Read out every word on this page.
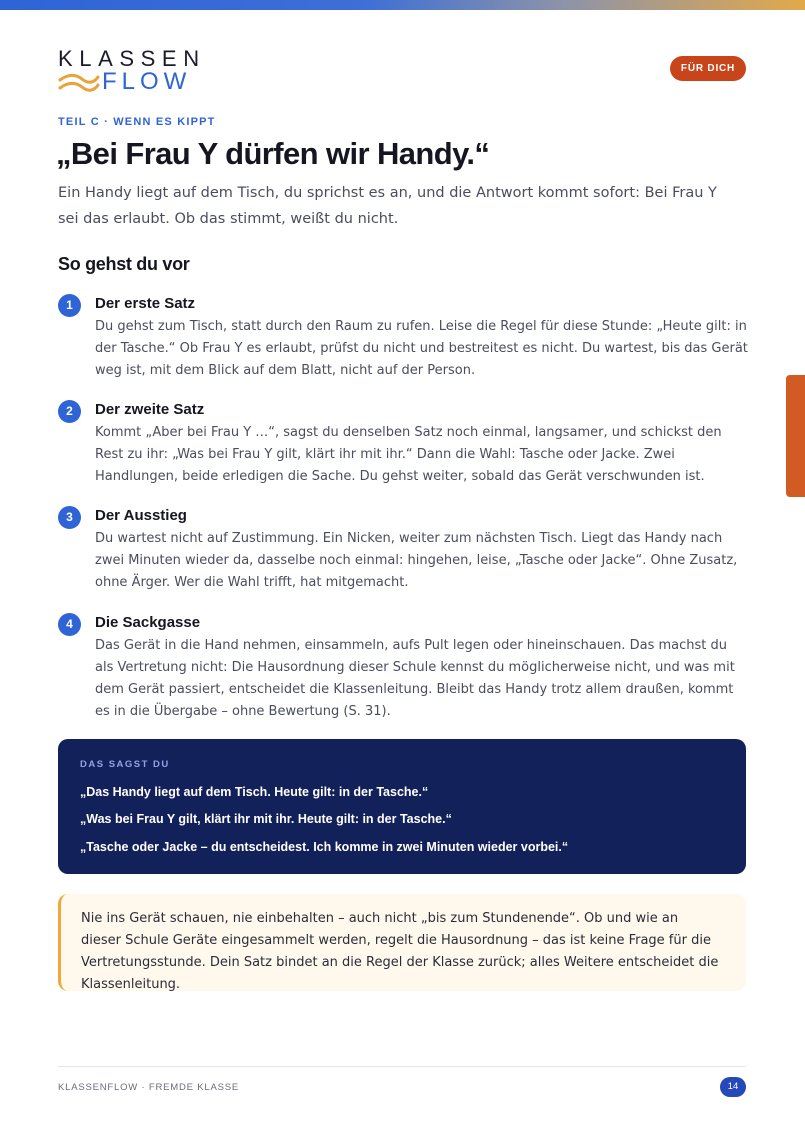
KLASSEN
FLOW	FÜR DICH
TEIL C · WENN ES KIPPT
„Bei Frau Y dürfen wir Handy.“
Ein Handy liegt auf dem Tisch, du sprichst es an, und die Antwort kommt sofort: Bei Frau Y sei das erlaubt. Ob das stimmt, weißt du nicht.
So gehst du vor
1	Der erste Satz
Du gehst zum Tisch, statt durch den Raum zu rufen. Leise die Regel für diese Stunde: „Heute gilt: in der Tasche.“ Ob Frau Y es erlaubt, prüfst du nicht und bestreitest es nicht. Du wartest, bis das Gerät weg ist, mit dem Blick auf dem Blatt, nicht auf der Person.
2	Der zweite Satz
Kommt „Aber bei Frau Y …“, sagst du denselben Satz noch einmal, langsamer, und schickst den Rest zu ihr: „Was bei Frau Y gilt, klärt ihr mit ihr.“ Dann die Wahl: Tasche oder Jacke. Zwei Handlungen, beide erledigen die Sache. Du gehst weiter, sobald das Gerät verschwunden ist.
3	Der Ausstieg
Du wartest nicht auf Zustimmung. Ein Nicken, weiter zum nächsten Tisch. Liegt das Handy nach zwei Minuten wieder da, dasselbe noch einmal: hingehen, leise, „Tasche oder Jacke“. Ohne Zusatz, ohne Ärger. Wer die Wahl trifft, hat mitgemacht.
4	Die Sackgasse
Das Gerät in die Hand nehmen, einsammeln, aufs Pult legen oder hineinschauen. Das machst du als Vertretung nicht: Die Hausordnung dieser Schule kennst du möglicherweise nicht, und was mit dem Gerät passiert, entscheidet die Klassenleitung. Bleibt das Handy trotz allem draußen, kommt es in die Übergabe – ohne Bewertung (S. 31).
DAS SAGST DU
„Das Handy liegt auf dem Tisch. Heute gilt: in der Tasche.“
„Was bei Frau Y gilt, klärt ihr mit ihr. Heute gilt: in der Tasche.“
„Tasche oder Jacke – du entscheidest. Ich komme in zwei Minuten wieder vorbei.“
Nie ins Gerät schauen, nie einbehalten – auch nicht „bis zum Stundenende“. Ob und wie an dieser Schule Geräte eingesammelt werden, regelt die Hausordnung – das ist keine Frage für die Vertretungsstunde. Dein Satz bindet an die Regel der Klasse zurück; alles Weitere entscheidet die Klassenleitung.
KLASSENFLOW · FREMDE KLASSE	14
